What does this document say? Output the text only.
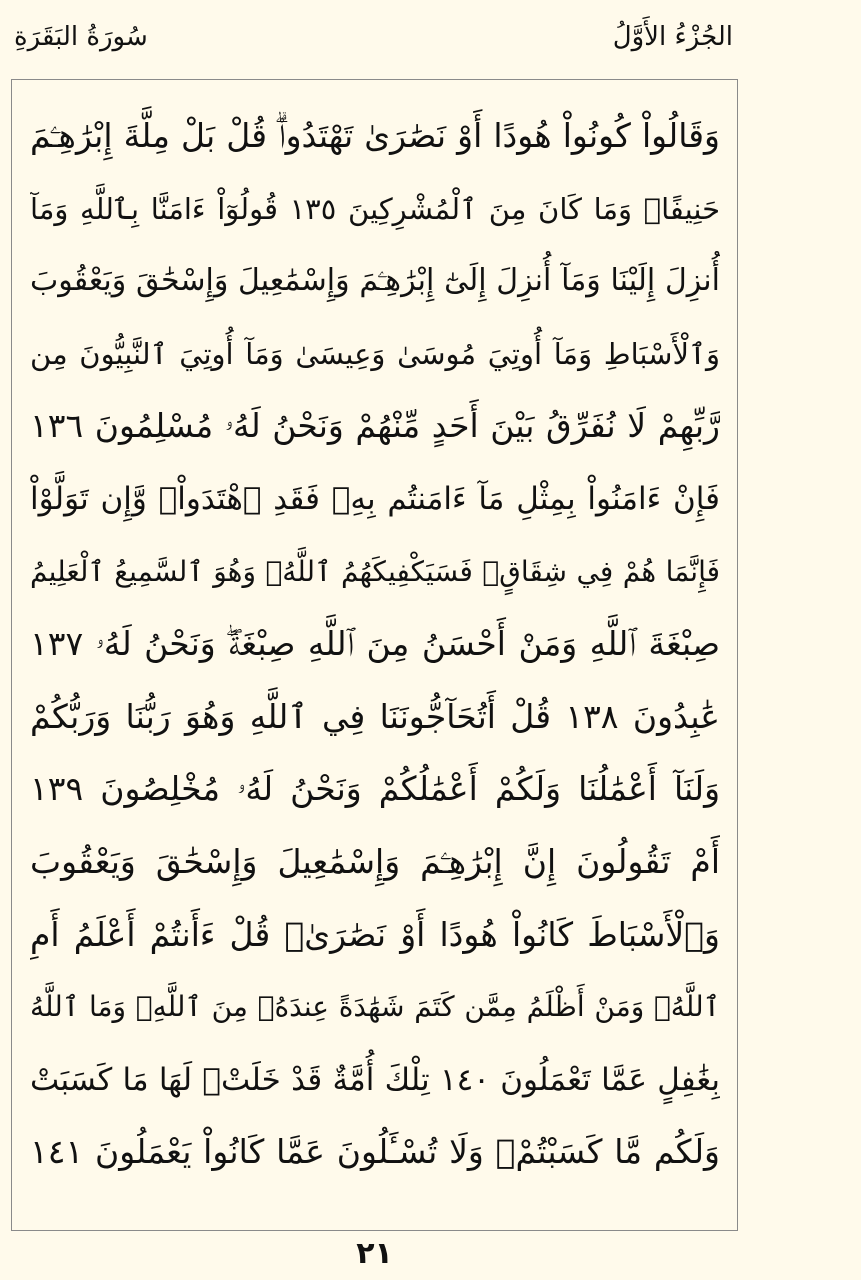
الجُزْءُ الأَوَّلُ
سُورَةُ البَقَرَةِ
وَقَالُواْ كُونُواْ هُودًا أَوْ نَصَٰرَىٰ تَهْتَدُواْۗ قُلْ بَلْ مِلَّةَ إِبْرَٰهِـۧمَ
حَنِيفًاۖ وَمَا كَانَ مِنَ ٱلْمُشْرِكِينَ ١٣٥ قُولُوٓاْ ءَامَنَّا بِٱللَّهِ وَمَآ
أُنزِلَ إِلَيْنَا وَمَآ أُنزِلَ إِلَىٰٓ إِبْرَٰهِـۧمَ وَإِسْمَٰعِيلَ وَإِسْحَٰقَ وَيَعْقُوبَ
وَٱلْأَسْبَاطِ وَمَآ أُوتِيَ مُوسَىٰ وَعِيسَىٰ وَمَآ أُوتِيَ ٱلنَّبِيُّونَ مِن
رَّبِّهِمْ لَا نُفَرِّقُ بَيْنَ أَحَدٍ مِّنْهُمْ وَنَحْنُ لَهُۥ مُسْلِمُونَ ١٣٦
فَإِنْ ءَامَنُواْ بِمِثْلِ مَآ ءَامَنتُم بِهِۦ فَقَدِ ٱهْتَدَواْۖ وَّإِن تَوَلَّوْاْ
فَإِنَّمَا هُمْ فِي شِقَاقٍۖ فَسَيَكْفِيكَهُمُ ٱللَّهُۚ وَهُوَ ٱلسَّمِيعُ ٱلْعَلِيمُ
صِبْغَةَ ٱللَّهِ وَمَنْ أَحْسَنُ مِنَ ٱللَّهِ صِبْغَةًۖ وَنَحْنُ لَهُۥ ١٣٧
عَٰبِدُونَ ١٣٨ قُلْ أَتُحَآجُّونَنَا فِي ٱللَّهِ وَهُوَ رَبُّنَا وَرَبُّكُمْ
وَلَنَآ أَعْمَٰلُنَا وَلَكُمْ أَعْمَٰلُكُمْ وَنَحْنُ لَهُۥ مُخْلِصُونَ ١٣٩
أَمْ تَقُولُونَ إِنَّ إِبْرَٰهِـۧمَ وَإِسْمَٰعِيلَ وَإِسْحَٰقَ وَيَعْقُوبَ
وَٱلْأَسْبَاطَ كَانُواْ هُودًا أَوْ نَصَٰرَىٰۗ قُلْ ءَأَنتُمْ أَعْلَمُ أَمِ
ٱللَّهُۗ وَمَنْ أَظْلَمُ مِمَّن كَتَمَ شَهَٰدَةً عِندَهُۥ مِنَ ٱللَّهِۗ وَمَا ٱللَّهُ
بِغَٰفِلٍ عَمَّا تَعْمَلُونَ ١٤٠ تِلْكَ أُمَّةٌ قَدْ خَلَتْۖ لَهَا مَا كَسَبَتْ
وَلَكُم مَّا كَسَبْتُمْۖ وَلَا تُسْـَٔلُونَ عَمَّا كَانُواْ يَعْمَلُونَ ١٤١
٢١
